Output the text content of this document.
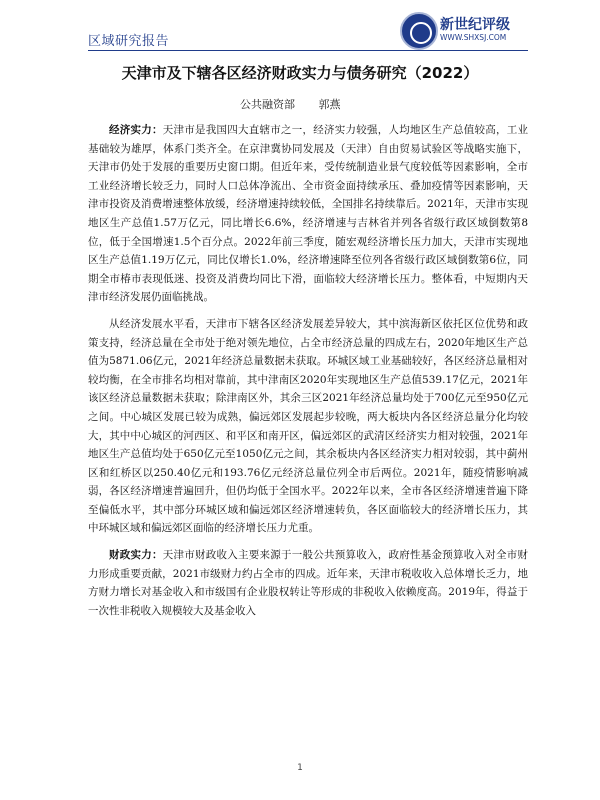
区域研究报告
新世纪评级
WWW.SHXSJ.COM
天津市及下辖各区经济财政实力与债务研究（2022）
公共融资部 郭燕

经济实力：天津市是我国四大直辖市之一，经济实力较强，人均地区生产总值较高，工业基础较为雄厚，体系门类齐全。在京津冀协同发展及（天津）自由贸易试验区等战略实施下，天津市仍处于发展的重要历史窗口期。但近年来，受传统制造业景气度较低等因素影响，全市工业经济增长较乏力，同时人口总体净流出、全市资金面持续承压、叠加疫情等因素影响，天津市投资及消费增速整体放缓，经济增速持续较低，全国排名持续靠后。2021年，天津市实现地区生产总值1.57万亿元，同比增长6.6%，经济增速与吉林省并列各省级行政区域倒数第8位，低于全国增速1.5个百分点。2022年前三季度，随宏观经济增长压力加大，天津市实现地区生产总值1.19万亿元，同比仅增长1.0%，经济增速降至位列各省级行政区域倒数第6位，同期全市椿市表现低迷、投资及消费均同比下滑，面临较大经济增长压力。整体看，中短期内天津市经济发展仍面临挑战。

从经济发展水平看，天津市下辖各区经济发展差异较大，其中滨海新区依托区位优势和政策支持，经济总量在全市处于绝对领先地位，占全市经济总量的四成左右，2020年地区生产总值为5871.06亿元，2021年经济总量数据未获取。环城区域工业基础较好，各区经济总量相对较均衡，在全市排名均相对靠前，其中津南区2020年实现地区生产总值539.17亿元，2021年该区经济总量数据未获取；除津南区外，其余三区2021年经济总量均处于700亿元至950亿元之间。中心城区发展已较为成熟，偏远郊区发展起步较晚，两大板块内各区经济总量分化均较大，其中中心城区的河西区、和平区和南开区，偏远郊区的武清区经济实力相对较强，2021年地区生产总值均处于650亿元至1050亿元之间，其余板块内各区经济实力相对较弱，其中蓟州区和红桥区以250.40亿元和193.76亿元经济总量位列全市后两位。2021年，随疫情影响减弱，各区经济增速普遍回升，但仍均低于全国水平。2022年以来，全市各区经济增速普遍下降至偏低水平，其中部分环城区域和偏远郊区经济增速转负，各区面临较大的经济增长压力，其中环城区域和偏远郊区面临的经济增长压力尤重。

财政实力：天津市财政收入主要来源于一般公共预算收入，政府性基金预算收入对全市财力形成重要贡献，2021市级财力约占全市的四成。近年来，天津市税收收入总体增长乏力，地方财力增长对基金收入和市级国有企业股权转让等形成的非税收入依赖度高。2019年，得益于一次性非税收入规模较大及基金收入

1
